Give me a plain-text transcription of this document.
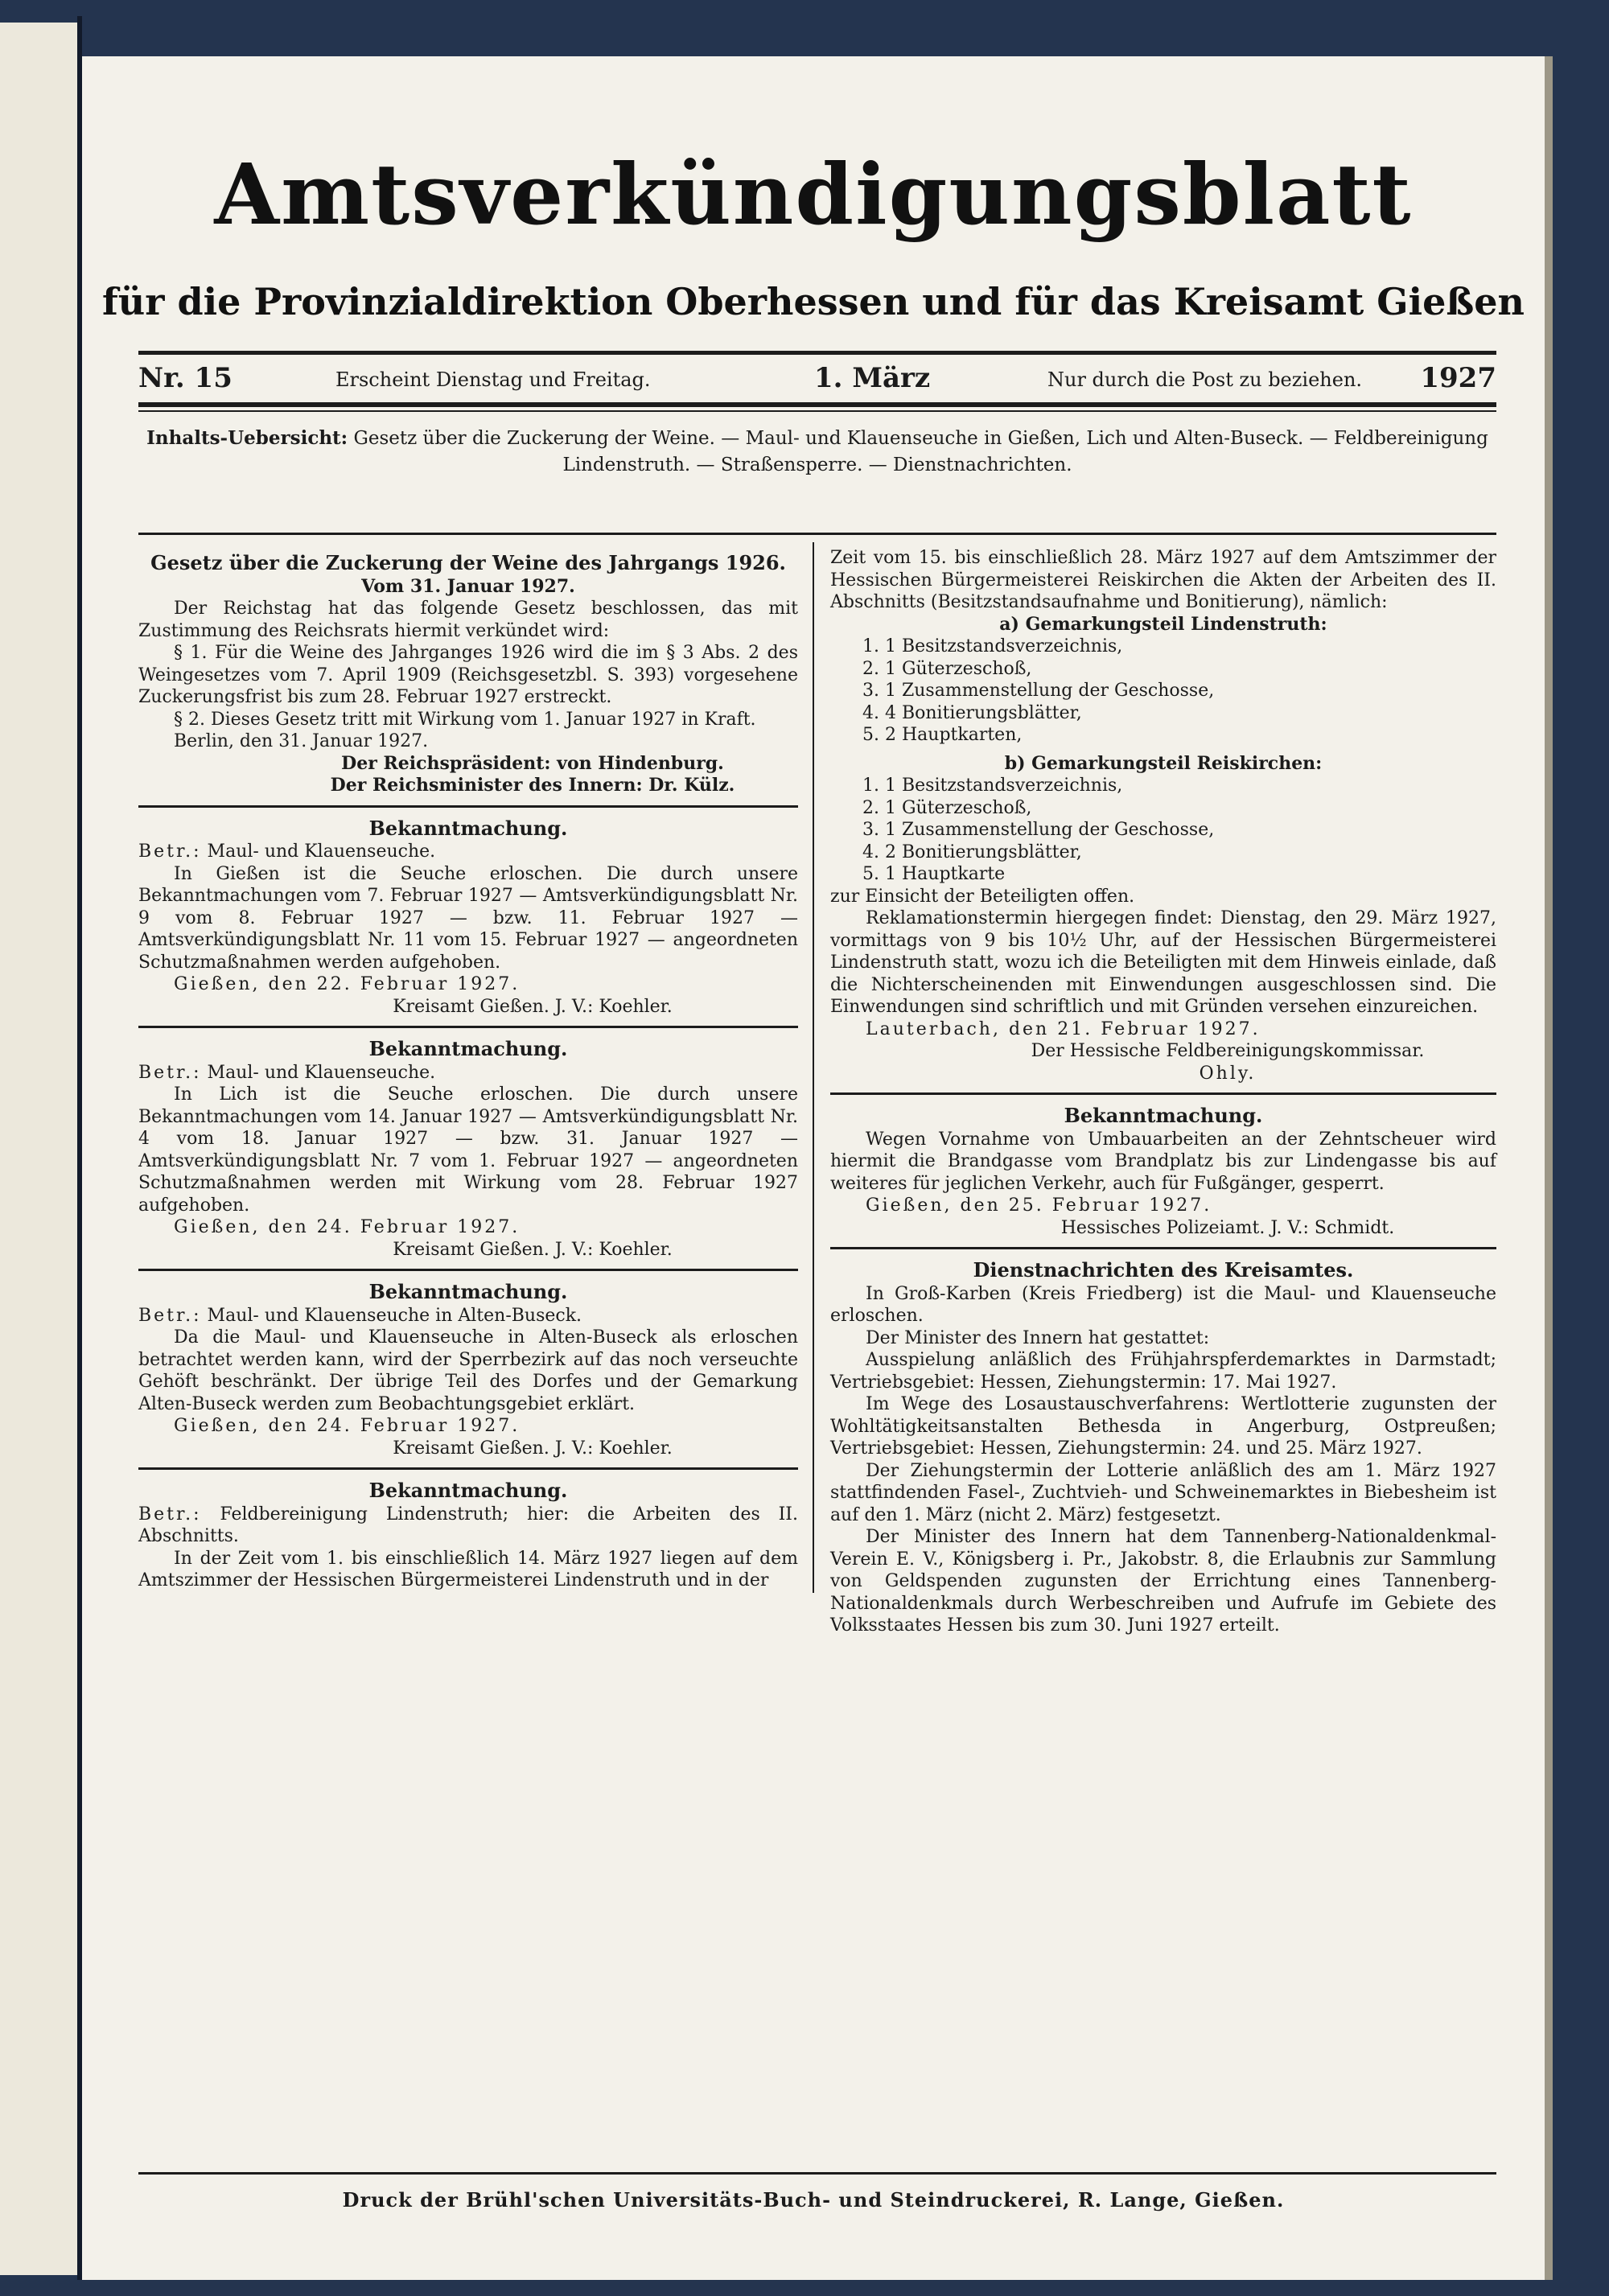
Amtsverkündigungsblatt
für die Provinzialdirektion Oberhessen und für das Kreisamt Gießen
Nr. 15	Erscheint Dienstag und Freitag.	1. März	Nur durch die Post zu beziehen. 1927
Inhalts-Uebersicht: Gesetz über die Zuckerung der Weine. — Maul- und Klauenseuche in Gießen, Lich und Alten-Buseck. — Feldbereinigung Lindenstruth. — Straßensperre. — Dienstnachrichten.

Gesetz über die Zuckerung der Weine des Jahrgangs 1926.

Vom 31. Januar 1927.

Der Reichstag hat das folgende Gesetz beschlossen, das mit Zustimmung des Reichsrats hiermit verkündet wird:

§ 1. Für die Weine des Jahrganges 1926 wird die im § 3 Abs. 2 des Weingesetzes vom 7. April 1909 (Reichsgesetzbl. S. 393) vorgesehene Zuckerungsfrist bis zum 28. Februar 1927 erstreckt.

§ 2. Dieses Gesetz tritt mit Wirkung vom 1. Januar 1927 in Kraft.

Berlin, den 31. Januar 1927.

Der Reichspräsident: von Hindenburg.

Der Reichsminister des Innern: Dr. Külz.

Bekanntmachung.

Betr.: Maul- und Klauenseuche.

In Gießen ist die Seuche erloschen. Die durch unsere Bekanntmachungen vom 7. Februar 1927 — Amtsverkündigungsblatt Nr. 9 vom 8. Februar 1927 — bzw. 11. Februar 1927 — Amtsverkündigungsblatt Nr. 11 vom 15. Februar 1927 — angeordneten Schutzmaßnahmen werden aufgehoben.

Gießen, den 22. Februar 1927.

Kreisamt Gießen. J. V.: Koehler.

Bekanntmachung.

Betr.: Maul- und Klauenseuche.

In Lich ist die Seuche erloschen. Die durch unsere Bekanntmachungen vom 14. Januar 1927 — Amtsverkündigungsblatt Nr. 4 vom 18. Januar 1927 — bzw. 31. Januar 1927 — Amtsverkündigungsblatt Nr. 7 vom 1. Februar 1927 — angeordneten Schutzmaßnahmen werden mit Wirkung vom 28. Februar 1927 aufgehoben.

Gießen, den 24. Februar 1927.

Kreisamt Gießen. J. V.: Koehler.

Bekanntmachung.

Betr.: Maul- und Klauenseuche in Alten-Buseck.

Da die Maul- und Klauenseuche in Alten-Buseck als erloschen betrachtet werden kann, wird der Sperrbezirk auf das noch verseuchte Gehöft beschränkt. Der übrige Teil des Dorfes und der Gemarkung Alten-Buseck werden zum Beobachtungsgebiet erklärt.

Gießen, den 24. Februar 1927.

Kreisamt Gießen. J. V.: Koehler.

Bekanntmachung.

Betr.: Feldbereinigung Lindenstruth; hier: die Arbeiten des II. Abschnitts.

In der Zeit vom 1. bis einschließlich 14. März 1927 liegen auf dem Amtszimmer der Hessischen Bürgermeisterei Lindenstruth und in der

Zeit vom 15. bis einschließlich 28. März 1927 auf dem Amtszimmer der Hessischen Bürgermeisterei Reiskirchen die Akten der Arbeiten des II. Abschnitts (Besitzstandsaufnahme und Bonitierung), nämlich:

a) Gemarkungsteil Lindenstruth:

1. 1 Besitzstandsverzeichnis,

2. 1 Güterzeschoß,

3. 1 Zusammenstellung der Geschosse,

4. 4 Bonitierungsblätter,

5. 2 Hauptkarten,

b) Gemarkungsteil Reiskirchen:

1. 1 Besitzstandsverzeichnis,

2. 1 Güterzeschoß,

3. 1 Zusammenstellung der Geschosse,

4. 2 Bonitierungsblätter,

5. 1 Hauptkarte

zur Einsicht der Beteiligten offen.

Reklamationstermin hiergegen findet: Dienstag, den 29. März 1927, vormittags von 9 bis 10½ Uhr, auf der Hessischen Bürgermeisterei Lindenstruth statt, wozu ich die Beteiligten mit dem Hinweis einlade, daß die Nichterscheinenden mit Einwendungen ausgeschlossen sind. Die Einwendungen sind schriftlich und mit Gründen versehen einzureichen.

Lauterbach, den 21. Februar 1927.

Der Hessische Feldbereinigungskommissar.

Ohly.

Bekanntmachung.

Wegen Vornahme von Umbauarbeiten an der Zehntscheuer wird hiermit die Brandgasse vom Brandplatz bis zur Lindengasse bis auf weiteres für jeglichen Verkehr, auch für Fußgänger, gesperrt.

Gießen, den 25. Februar 1927.

Hessisches Polizeiamt. J. V.: Schmidt.

Dienstnachrichten des Kreisamtes.

In Groß-Karben (Kreis Friedberg) ist die Maul- und Klauenseuche erloschen.

Der Minister des Innern hat gestattet:

Ausspielung anläßlich des Frühjahrspferdemarktes in Darmstadt; Vertriebsgebiet: Hessen, Ziehungstermin: 17. Mai 1927.

Im Wege des Losaustauschverfahrens: Wertlotterie zugunsten der Wohltätigkeitsanstalten Bethesda in Angerburg, Ostpreußen; Vertriebsgebiet: Hessen, Ziehungstermin: 24. und 25. März 1927.

Der Ziehungstermin der Lotterie anläßlich des am 1. März 1927 stattfindenden Fasel-, Zuchtvieh- und Schweinemarktes in Biebesheim ist auf den 1. März (nicht 2. März) festgesetzt.

Der Minister des Innern hat dem Tannenberg-Nationaldenkmal-Verein E. V., Königsberg i. Pr., Jakobstr. 8, die Erlaubnis zur Sammlung von Geldspenden zugunsten der Errichtung eines Tannenberg-Nationaldenkmals durch Werbeschreiben und Aufrufe im Gebiete des Volksstaates Hessen bis zum 30. Juni 1927 erteilt.

Druck der Brühl'schen Universitäts-Buch- und Steindruckerei, R. Lange, Gießen.
